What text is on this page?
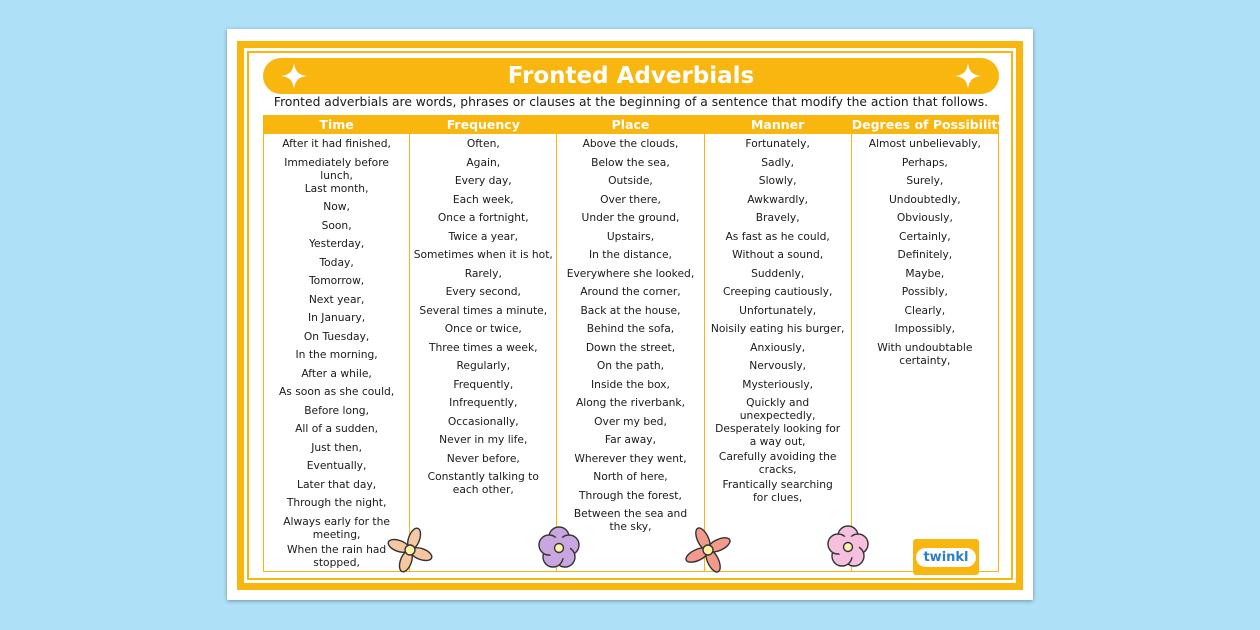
Fronted Adverbials
Fronted adverbials are words, phrases or clauses at the beginning of a sentence that modify the action that follows.
Time
After it had finished,
Immediately before lunch,
Last month,
Now,
Soon,
Yesterday,
Today,
Tomorrow,
Next year,
In January,
On Tuesday,
In the morning,
After a while,
As soon as she could,
Before long,
All of a sudden,
Just then,
Eventually,
Later that day,
Through the night,
Always early for the meeting,
When the rain had stopped,
Frequency
Often,
Again,
Every day,
Each week,
Once a fortnight,
Twice a year,
Sometimes when it is hot,
Rarely,
Every second,
Several times a minute,
Once or twice,
Three times a week,
Regularly,
Frequently,
Infrequently,
Occasionally,
Never in my life,
Never before,
Constantly talking to each other,
Place
Above the clouds,
Below the sea,
Outside,
Over there,
Under the ground,
Upstairs,
In the distance,
Everywhere she looked,
Around the corner,
Back at the house,
Behind the sofa,
Down the street,
On the path,
Inside the box,
Along the riverbank,
Over my bed,
Far away,
Wherever they went,
North of here,
Through the forest,
Between the sea and the sky,
Manner
Fortunately,
Sadly,
Slowly,
Awkwardly,
Bravely,
As fast as he could,
Without a sound,
Suddenly,
Creeping cautiously,
Unfortunately,
Noisily eating his burger,
Anxiously,
Nervously,
Mysteriously,
Quickly and unexpectedly,
Desperately looking for a way out,
Carefully avoiding the cracks,
Frantically searching for clues,
Degrees of Possibility
Almost unbelievably,
Perhaps,
Surely,
Undoubtedly,
Obviously,
Certainly,
Definitely,
Maybe,
Possibly,
Clearly,
Impossibly,
With undoubtable certainty,
twinkl
